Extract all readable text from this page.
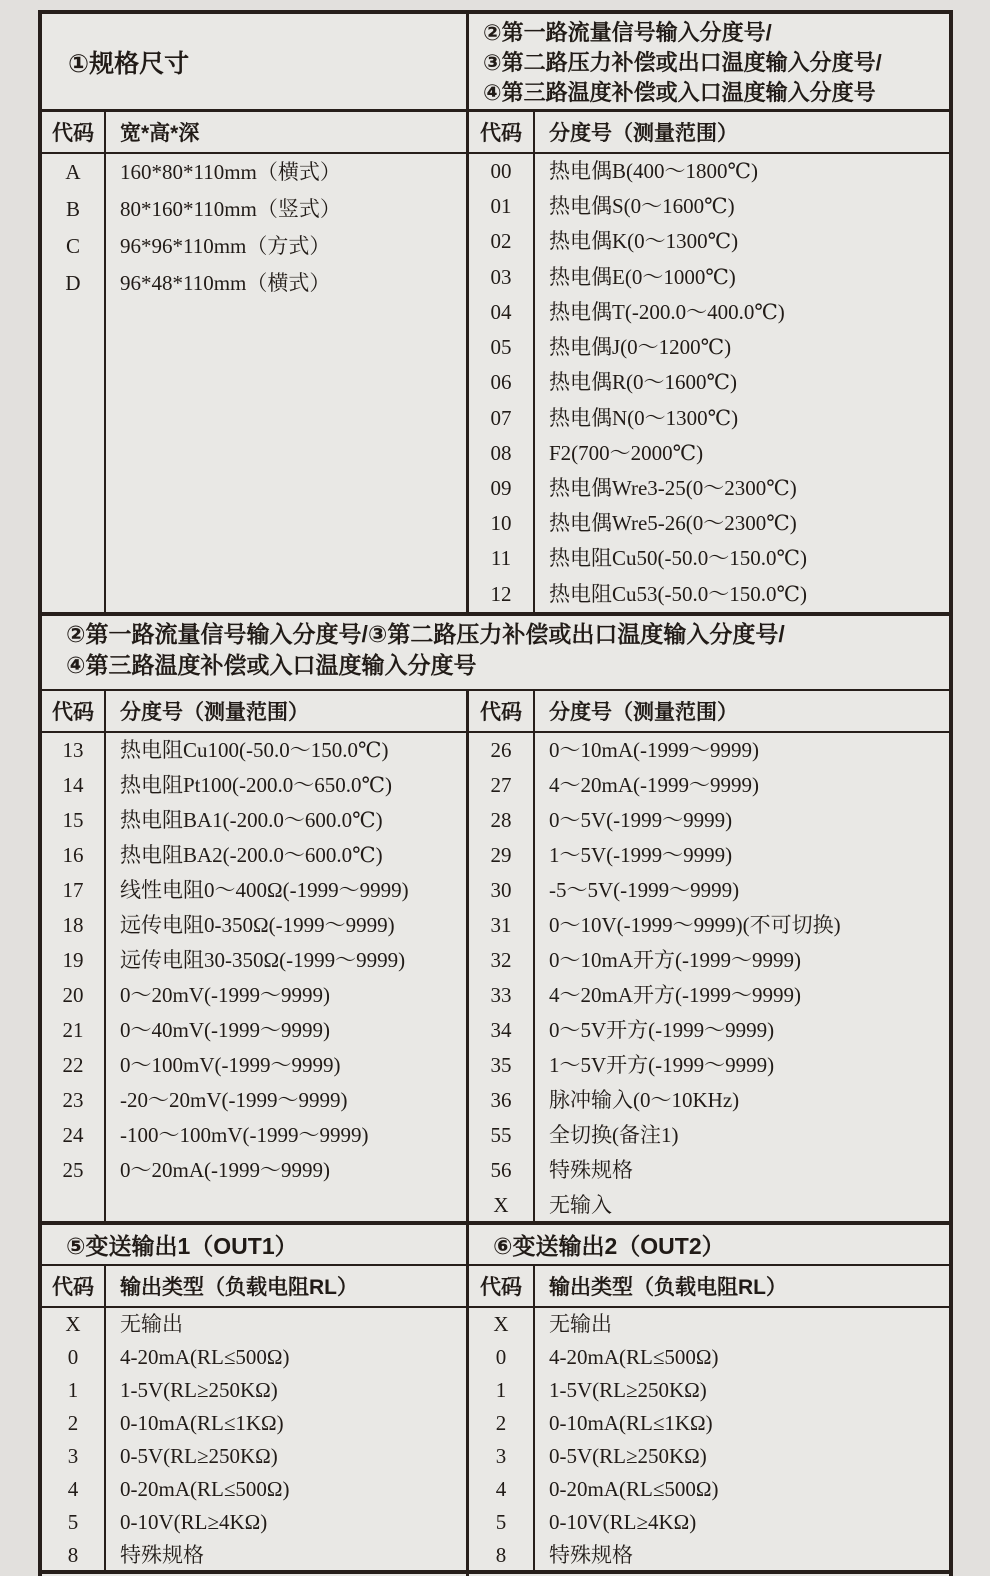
①规格尺寸
代码	宽*高*深
A	160*80*110mm（横式）
B	80*160*110mm（竖式）
C	96*96*110mm（方式）
D	96*48*110mm（横式）
②第一路流量信号输入分度号/
③第二路压力补偿或出口温度输入分度号/
④第三路温度补偿或入口温度输入分度号
代码	分度号（测量范围）
00	热电偶B(400～1800℃)
01	热电偶S(0～1600℃)
02	热电偶K(0～1300℃)
03	热电偶E(0～1000℃)
04	热电偶T(-200.0～400.0℃)
05	热电偶J(0～1200℃)
06	热电偶R(0～1600℃)
07	热电偶N(0～1300℃)
08	F2(700～2000℃)
09	热电偶Wre3-25(0～2300℃)
10	热电偶Wre5-26(0～2300℃)
11	热电阻Cu50(-50.0～150.0℃)
12	热电阻Cu53(-50.0～150.0℃)
②第一路流量信号输入分度号/③第二路压力补偿或出口温度输入分度号/
④第三路温度补偿或入口温度输入分度号
代码	分度号（测量范围）
13	热电阻Cu100(-50.0～150.0℃)
14	热电阻Pt100(-200.0～650.0℃)
15	热电阻BA1(-200.0～600.0℃)
16	热电阻BA2(-200.0～600.0℃)
17	线性电阻0～400Ω(-1999～9999)
18	远传电阻0-350Ω(-1999～9999)
19	远传电阻30-350Ω(-1999～9999)
20	0～20mV(-1999～9999)
21	0～40mV(-1999～9999)
22	0～100mV(-1999～9999)
23	-20～20mV(-1999～9999)
24	-100～100mV(-1999～9999)
25	0～20mA(-1999～9999)
代码	分度号（测量范围）
26	0～10mA(-1999～9999)
27	4～20mA(-1999～9999)
28	0～5V(-1999～9999)
29	1～5V(-1999～9999)
30	-5～5V(-1999～9999)
31	0～10V(-1999～9999)(不可切换)
32	0～10mA开方(-1999～9999)
33	4～20mA开方(-1999～9999)
34	0～5V开方(-1999～9999)
35	1～5V开方(-1999～9999)
36	脉冲输入(0～10KHz)
55	全切换(备注1)
56	特殊规格
X	无输入
⑤变送输出1（OUT1）	⑥变送输出2（OUT2）
代码	输出类型（负载电阻RL）
X	无输出
0	4-20mA(RL≤500Ω)
1	1-5V(RL≥250KΩ)
2	0-10mA(RL≤1KΩ)
3	0-5V(RL≥250KΩ)
4	0-20mA(RL≤500Ω)
5	0-10V(RL≥4KΩ)
8	特殊规格
代码	输出类型（负载电阻RL）
X	无输出
0	4-20mA(RL≤500Ω)
1	1-5V(RL≥250KΩ)
2	0-10mA(RL≤1KΩ)
3	0-5V(RL≥250KΩ)
4	0-20mA(RL≤500Ω)
5	0-10V(RL≥4KΩ)
8	特殊规格
